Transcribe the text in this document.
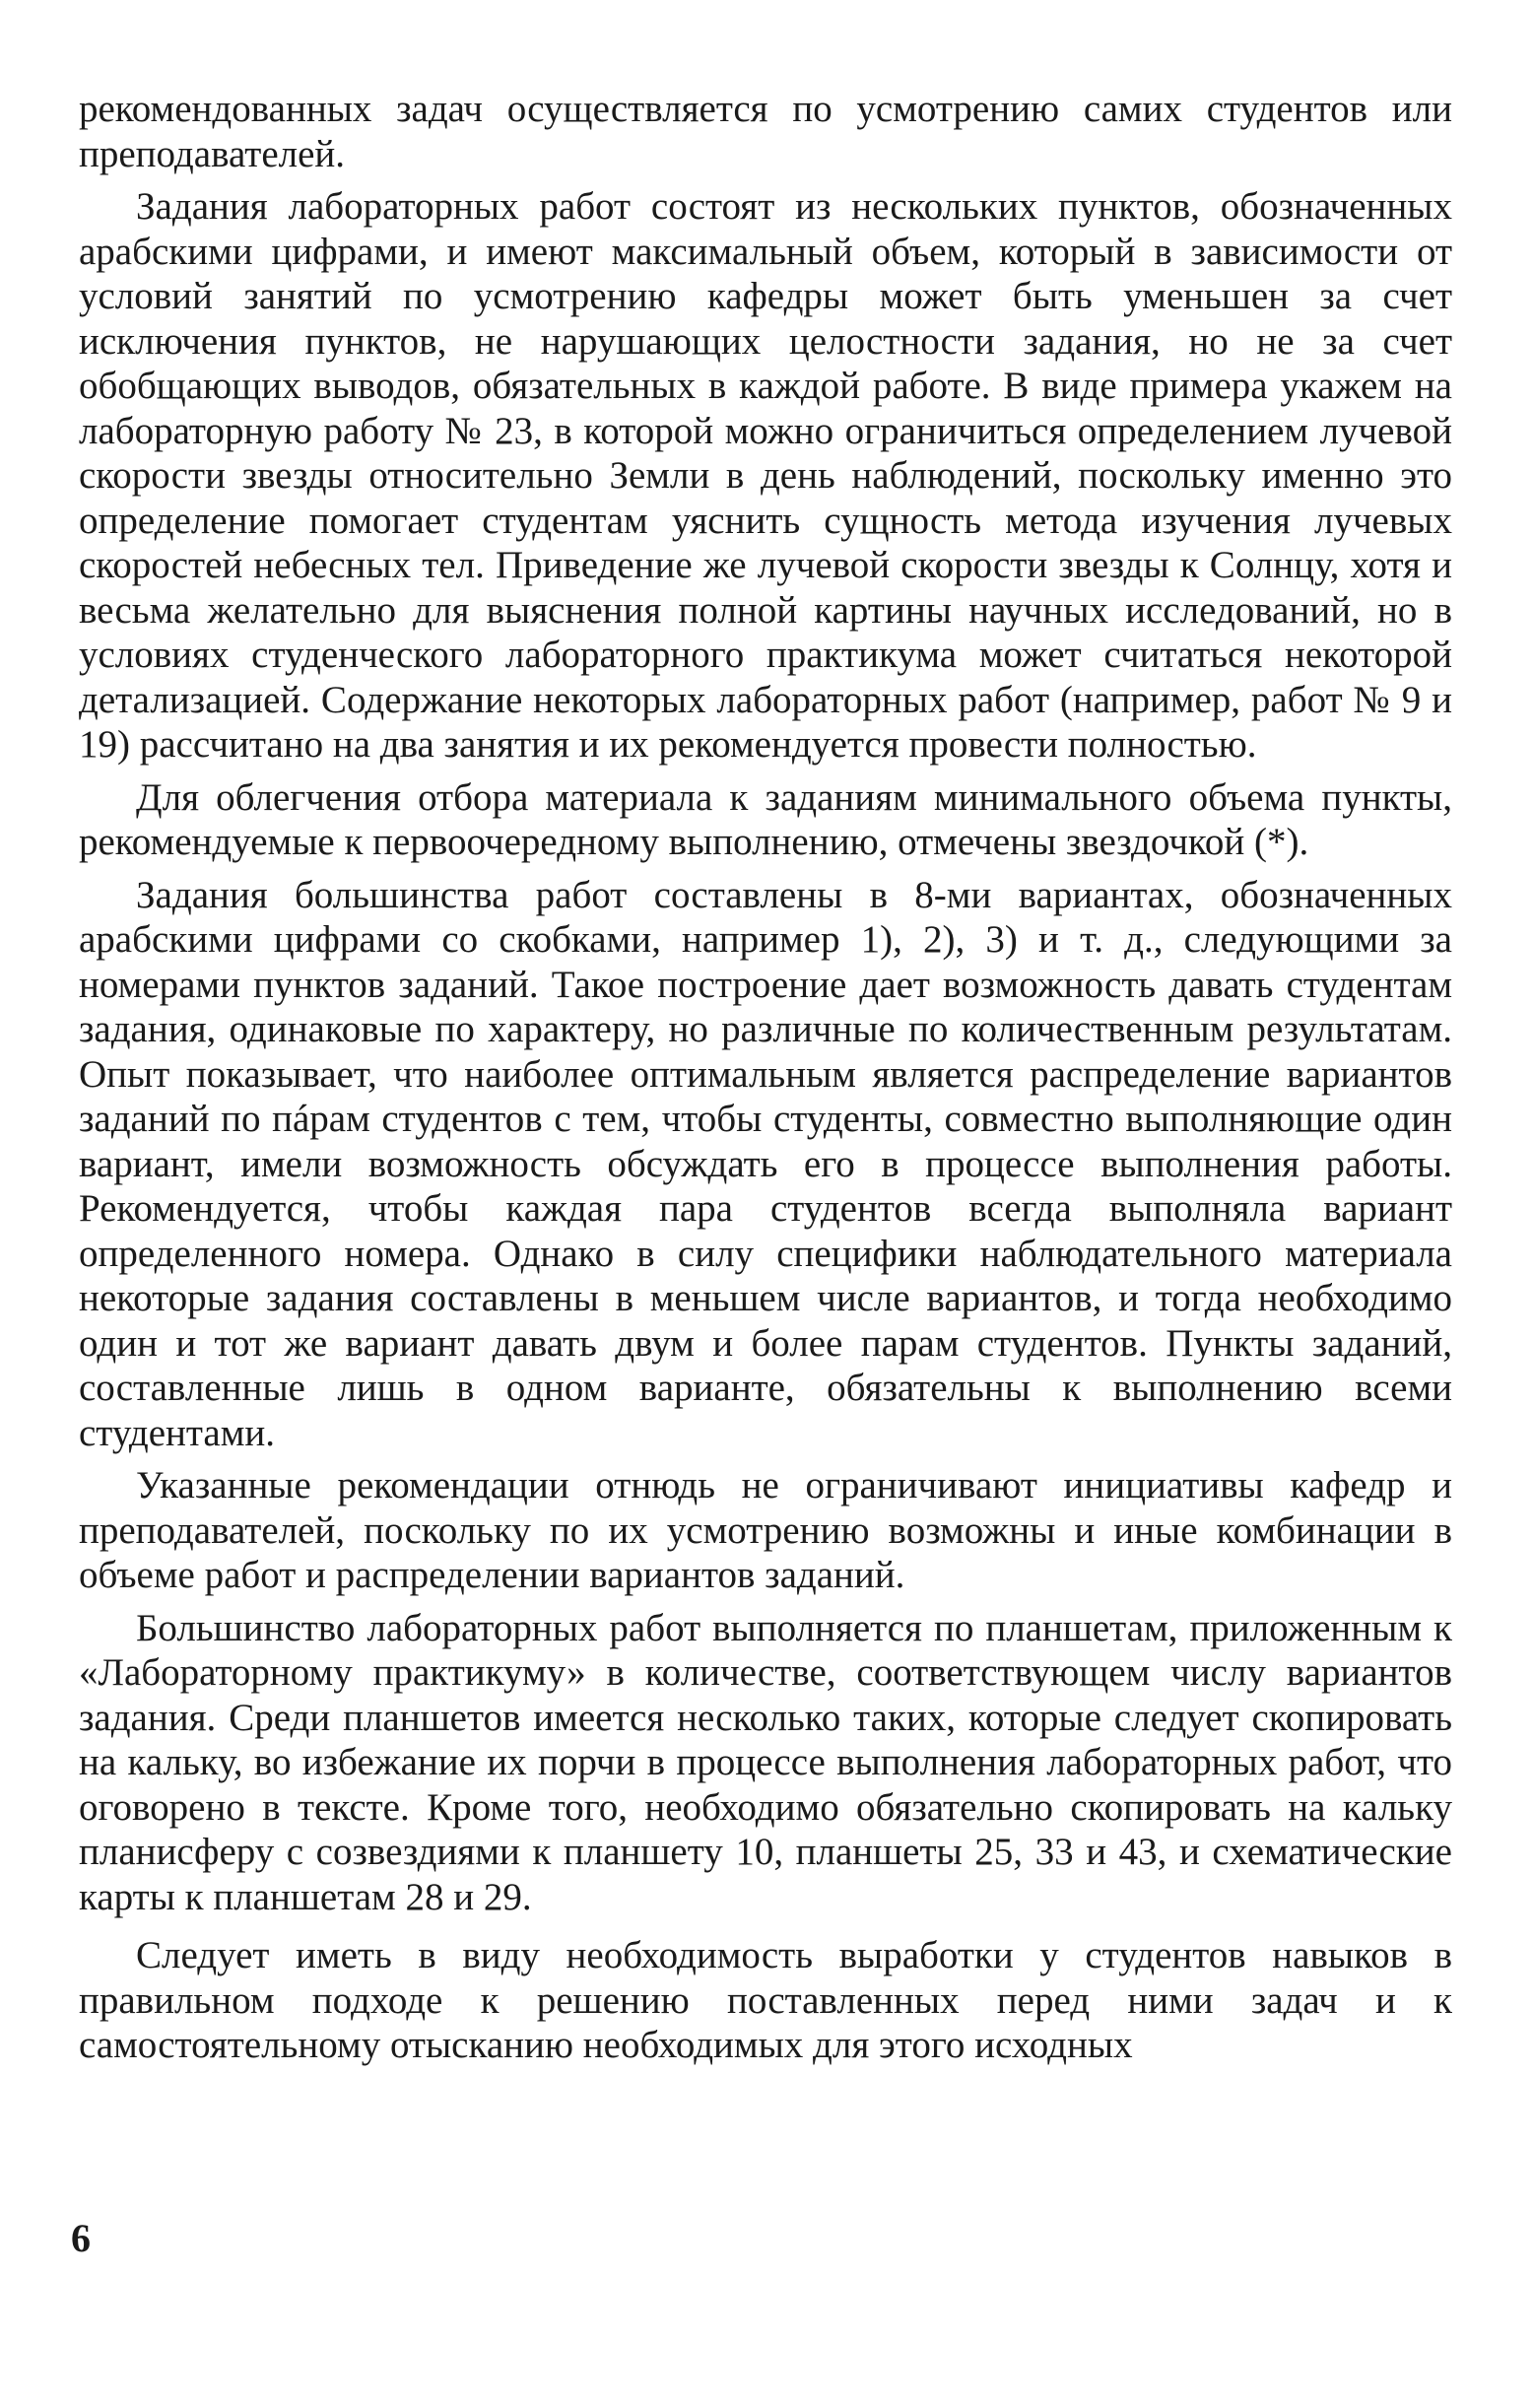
рекомендованных задач осуществляется по усмотрению самих студентов или преподавателей.

Задания лабораторных работ состоят из нескольких пунктов, обозначенных арабскими цифрами, и имеют максимальный объем, который в зависимости от условий занятий по усмотрению кафедры может быть уменьшен за счет исключения пунктов, не нарушающих целостности задания, но не за счет обобщающих выводов, обязательных в каждой работе. В виде примера укажем на лабораторную работу № 23, в которой можно ограничиться определением лучевой скорости звезды относительно Земли в день наблюдений, поскольку именно это определение помогает студентам уяснить сущность метода изучения лучевых скоростей небесных тел. Приведение же лучевой скорости звезды к Солнцу, хотя и весьма желательно для выяснения полной картины научных исследований, но в условиях студенческого лабораторного практикума может считаться некоторой детализацией. Содержание некоторых лабораторных работ (например, работ № 9 и 19) рассчитано на два занятия и их рекомендуется провести полностью.

Для облегчения отбора материала к заданиям минимального объема пункты, рекомендуемые к первоочередному выполнению, отмечены звездочкой (*).

Задания большинства работ составлены в 8-ми вариантах, обозначенных арабскими цифрами со скобками, например 1), 2), 3) и т. д., следующими за номерами пунктов заданий. Такое построение дает возможность давать студентам задания, одинаковые по характеру, но различные по количественным результатам. Опыт показывает, что наиболее оптимальным является распределение вариантов заданий по пáрам студентов с тем, чтобы студенты, совместно выполняющие один вариант, имели возможность обсуждать его в процессе выполнения работы. Рекомендуется, чтобы каждая пара студентов всегда выполняла вариант определенного номера. Однако в силу специфики наблюдательного материала некоторые задания составлены в меньшем числе вариантов, и тогда необходимо один и тот же вариант давать двум и более парам студентов. Пункты заданий, составленные лишь в одном варианте, обязательны к выполнению всеми студентами.

Указанные рекомендации отнюдь не ограничивают инициативы кафедр и преподавателей, поскольку по их усмотрению возможны и иные комбинации в объеме работ и распределении вариантов заданий.

Большинство лабораторных работ выполняется по планшетам, приложенным к «Лабораторному практикуму» в количестве, соответствующем числу вариантов задания. Среди планшетов имеется несколько таких, которые следует скопировать на кальку, во избежание их порчи в процессе выполнения лабораторных работ, что оговорено в тексте. Кроме того, необходимо обязательно скопировать на кальку планисферу с созвездиями к планшету 10, планшеты 25, 33 и 43, и схематические карты к планшетам 28 и 29.

Следует иметь в виду необходимость выработки у студентов навыков в правильном подходе к решению поставленных перед ними задач и к самостоятельному отысканию необходимых для этого исходных

6
